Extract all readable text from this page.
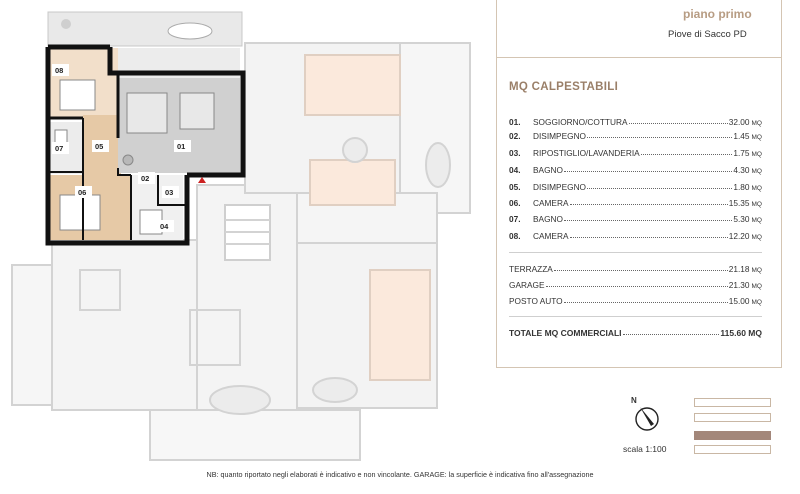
08
07	05	01
02
03
06
04
piano primo
Piove di Sacco PD
MQ CALPESTABILI
01.	SOGGIORNO/COTTURA	32.00 MQ
02.	DISIMPEGNO	1.45 MQ
03.	RIPOSTIGLIO/LAVANDERIA	1.75 MQ
04.	BAGNO	4.30 MQ
05.	DISIMPEGNO	1.80 MQ
06.	CAMERA	15.35 MQ
07.	BAGNO	5.30 MQ
08.	CAMERA	12.20 MQ
TERRAZZA	21.18 MQ
GARAGE	21.30 MQ
POSTO AUTO	15.00 MQ
TOTALE MQ COMMERCIALI	115.60 MQ
N
scala 1:100
NB: quanto riportato negli elaborati è indicativo e non vincolante. GARAGE: la superficie è indicativa fino all'assegnazione
